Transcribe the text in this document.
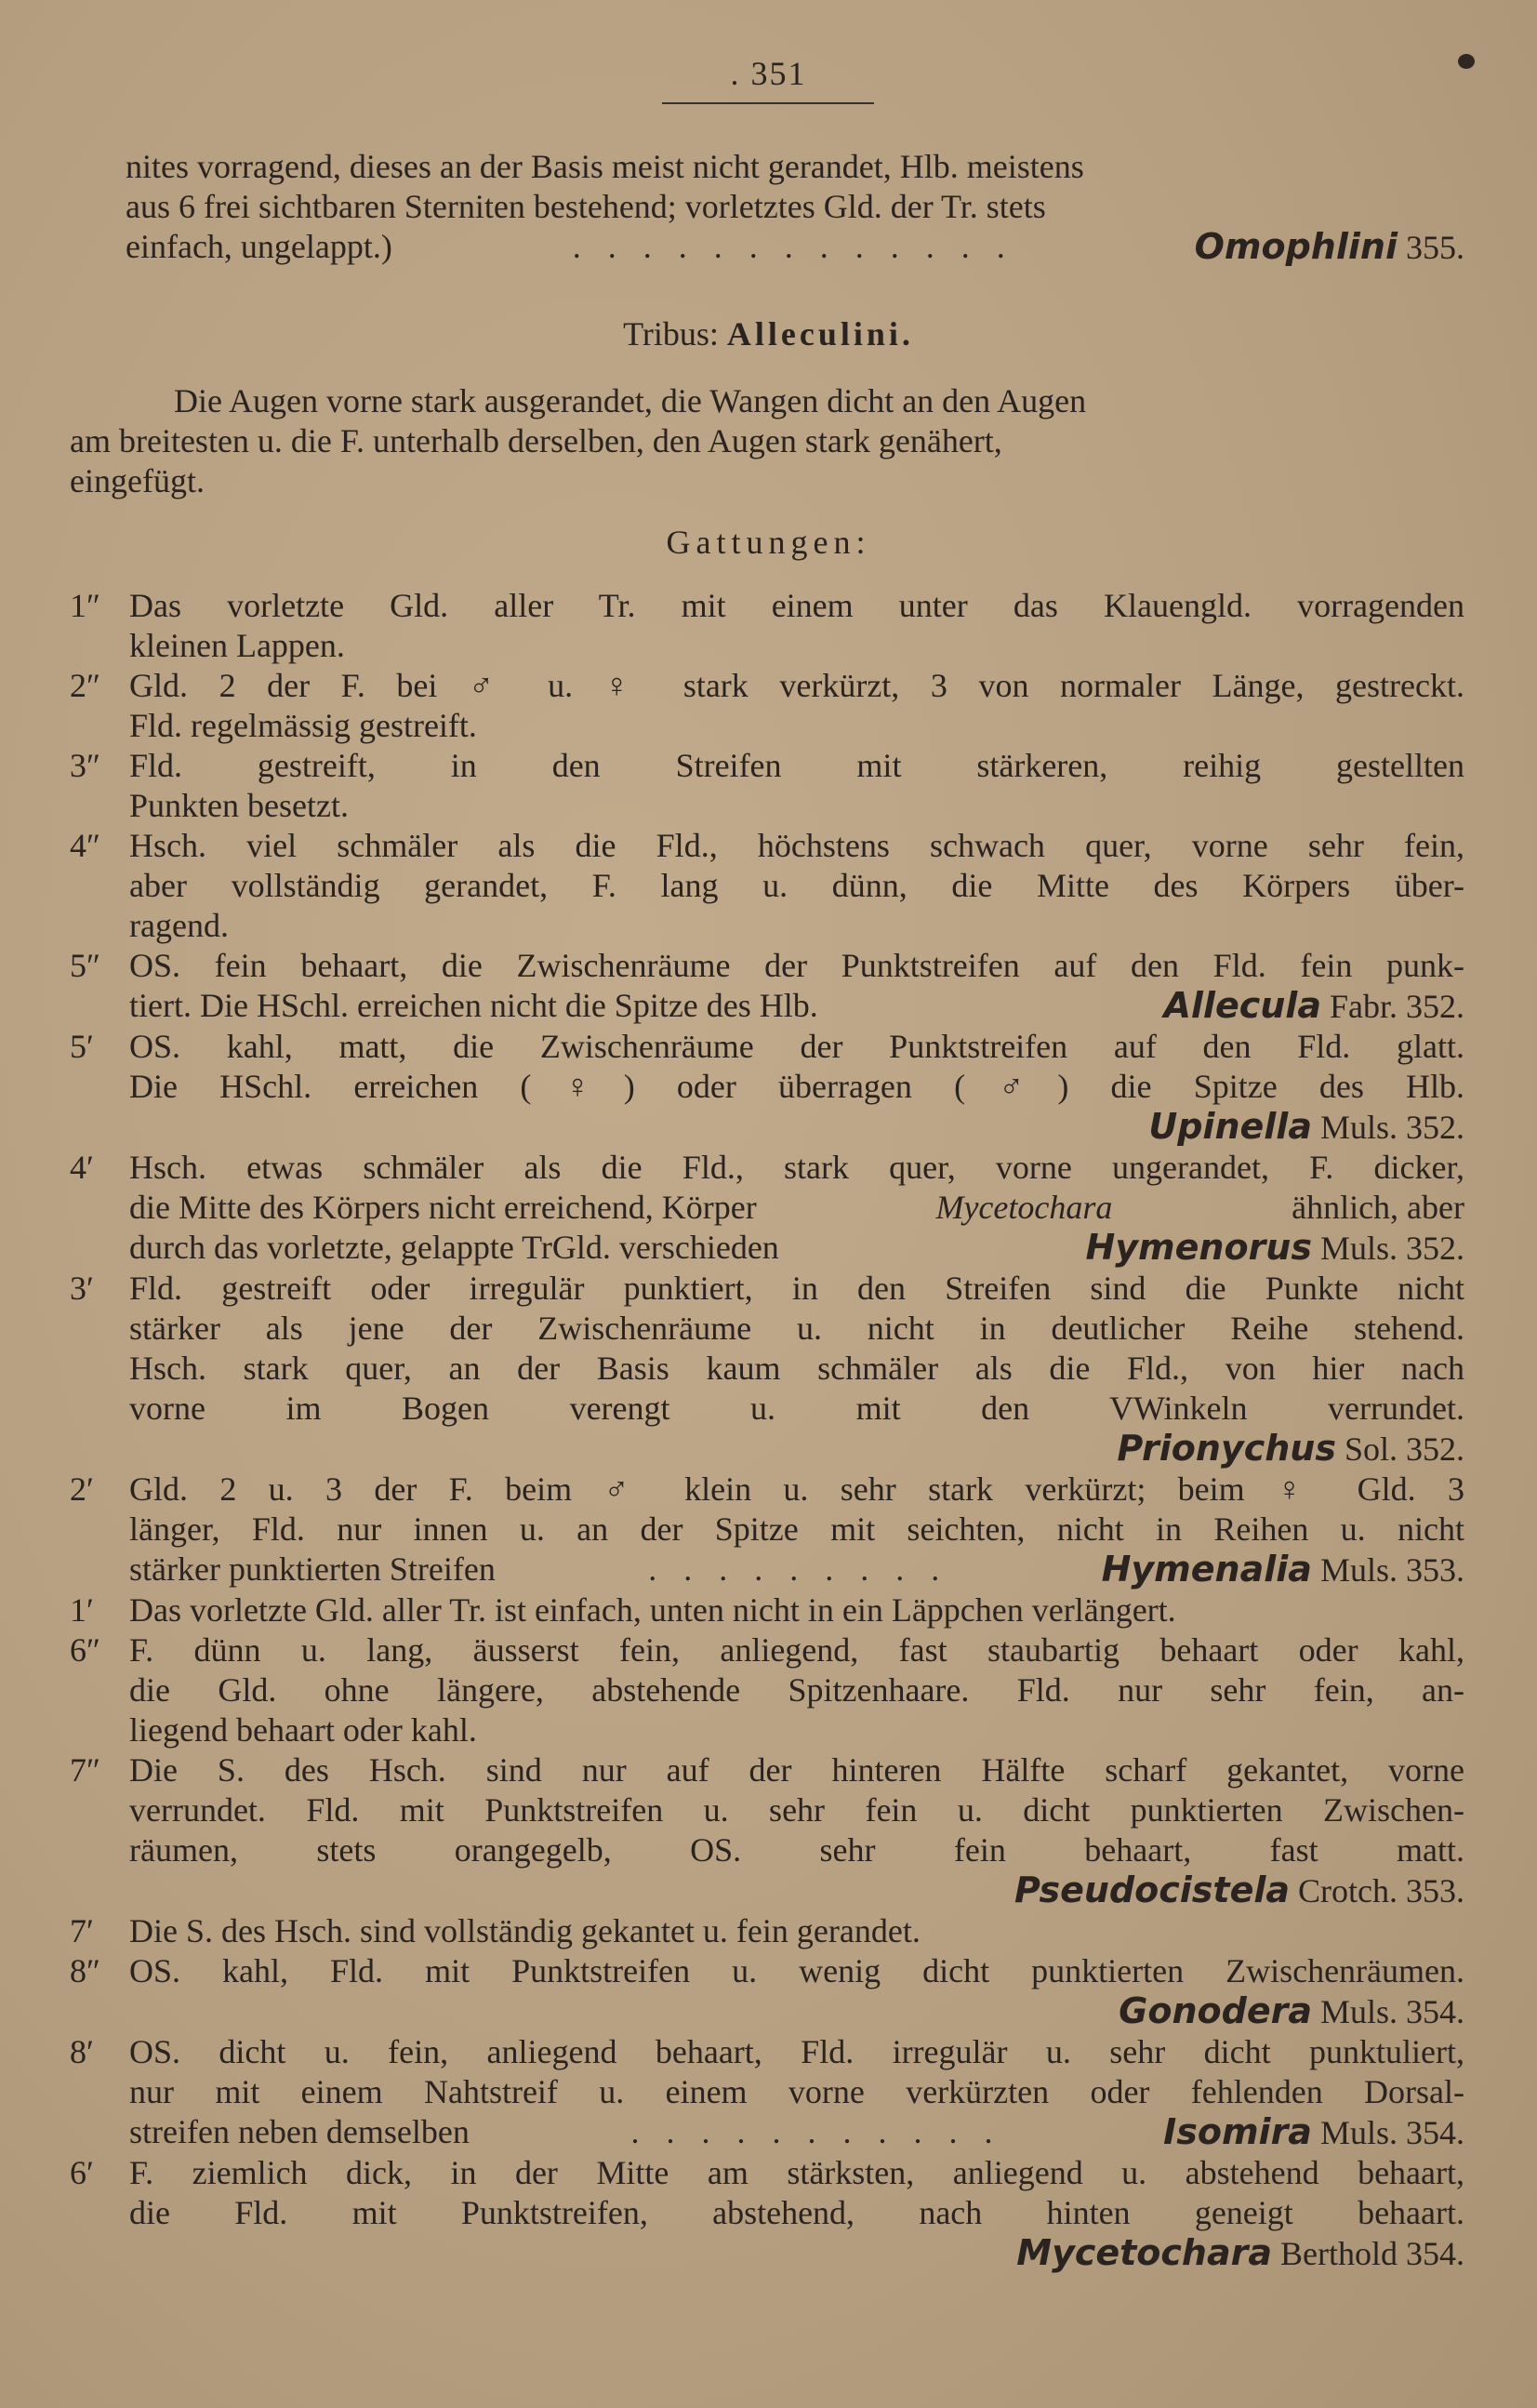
. 351
nites vorragend, dieses an der Basis meist nicht gerandet, Hlb. meistens
aus 6 frei sichtbaren Sterniten bestehend; vorletztes Gld. der Tr. stets
einfach, ungelappt.)	. . . . . . . . . . . . .	Omophlini 355.
Tribus: Alleculini.
Die Augen vorne stark ausgerandet, die Wangen dicht an den Augen
am breitesten u. die F. unterhalb derselben, den Augen stark genähert,
eingefügt.
Gattungen:
1″ Das vorletzte Gld. aller Tr. mit einem unter das Klauengld. vorragenden
kleinen Lappen.
2″ Gld. 2 der F. bei ♂ u. ♀ stark verkürzt, 3 von normaler Länge, gestreckt.
Fld. regelmässig gestreift.
3″ Fld. gestreift, in den Streifen mit stärkeren, reihig gestellten
Punkten besetzt.
4″ Hsch. viel schmäler als die Fld., höchstens schwach quer, vorne sehr fein,
aber vollständig gerandet, F. lang u. dünn, die Mitte des Körpers über-
ragend.
5″ OS. fein behaart, die Zwischenräume der Punktstreifen auf den Fld. fein punk-
tiert. Die HSchl. erreichen nicht die Spitze des Hlb.	Allecula Fabr. 352.
5′ OS. kahl, matt, die Zwischenräume der Punktstreifen auf den Fld. glatt.
Die HSchl. erreichen (♀) oder überragen (♂) die Spitze des Hlb.
Upinella Muls. 352.
4′ Hsch. etwas schmäler als die Fld., stark quer, vorne ungerandet, F. dicker,
die Mitte des Körpers nicht erreichend, Körper	Mycetochara	ähnlich, aber
durch das vorletzte, gelappte TrGld. verschieden	Hymenorus Muls. 352.
3′ Fld. gestreift oder irregulär punktiert, in den Streifen sind die Punkte nicht
stärker als jene der Zwischenräume u. nicht in deutlicher Reihe stehend.
Hsch. stark quer, an der Basis kaum schmäler als die Fld., von hier nach
vorne im Bogen verengt u. mit den VWinkeln verrundet.
Prionychus Sol. 352.
2′ Gld. 2 u. 3 der F. beim ♂ klein u. sehr stark verkürzt; beim ♀ Gld. 3
länger, Fld. nur innen u. an der Spitze mit seichten, nicht in Reihen u. nicht
stärker punktierten Streifen	. . . . . . . . .	Hymenalia Muls. 353.
1′ Das vorletzte Gld. aller Tr. ist einfach, unten nicht in ein Läppchen verlängert.
6″ F. dünn u. lang, äusserst fein, anliegend, fast staubartig behaart oder kahl,
die Gld. ohne längere, abstehende Spitzenhaare. Fld. nur sehr fein, an-
liegend behaart oder kahl.
7″ Die S. des Hsch. sind nur auf der hinteren Hälfte scharf gekantet, vorne
verrundet. Fld. mit Punktstreifen u. sehr fein u. dicht punktierten Zwischen-
räumen, stets orangegelb, OS. sehr fein behaart, fast matt.
Pseudocistela Crotch. 353.
7′ Die S. des Hsch. sind vollständig gekantet u. fein gerandet.
8″ OS. kahl, Fld. mit Punktstreifen u. wenig dicht punktierten Zwischenräumen.
Gonodera Muls. 354.
8′ OS. dicht u. fein, anliegend behaart, Fld. irregulär u. sehr dicht punktuliert,
nur mit einem Nahtstreif u. einem vorne verkürzten oder fehlenden Dorsal-
streifen neben demselben	. . . . . . . . . . .	Isomira Muls. 354.
6′ F. ziemlich dick, in der Mitte am stärksten, anliegend u. abstehend behaart,
die Fld. mit Punktstreifen, abstehend, nach hinten geneigt behaart.
Mycetochara Berthold 354.
